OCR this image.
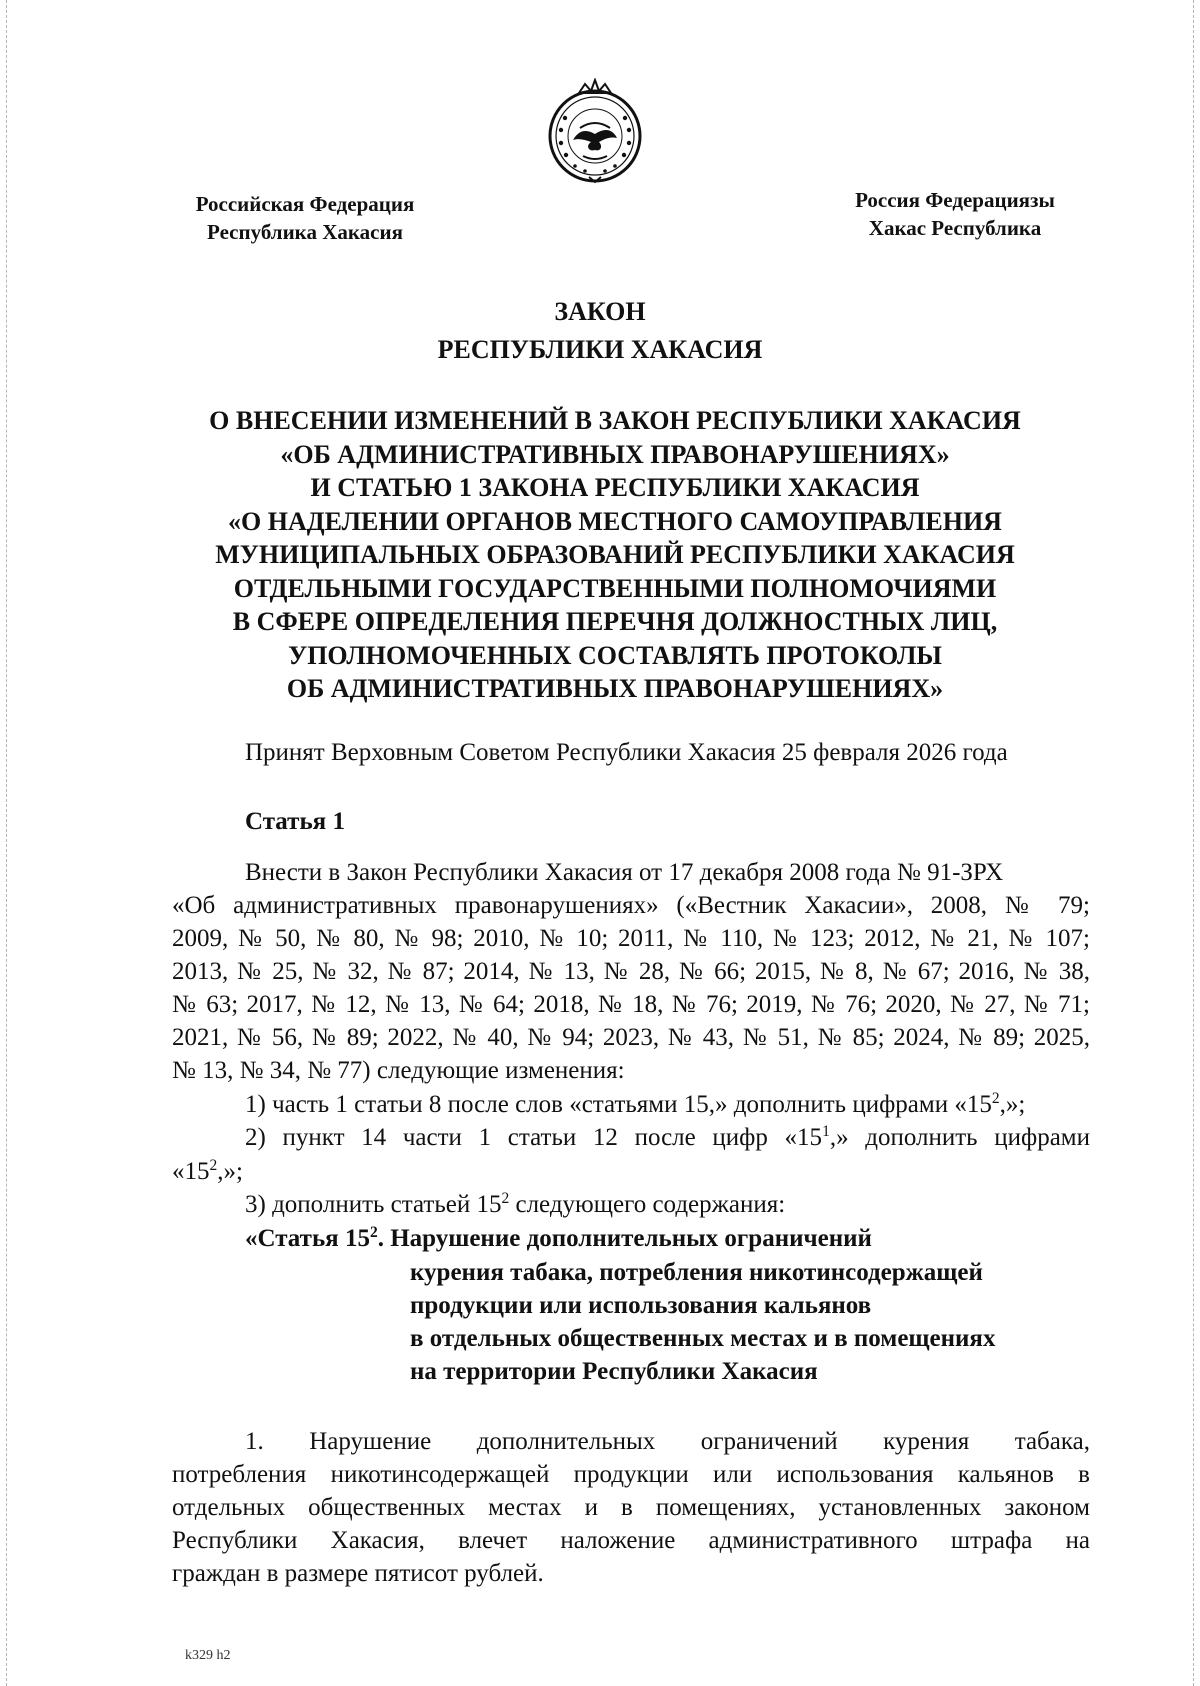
Российская Федерация
Республика Хакасия
Россия Федерациязы
Хакас Республика
ЗАКОН
РЕСПУБЛИКИ ХАКАСИЯ
О ВНЕСЕНИИ ИЗМЕНЕНИЙ В ЗАКОН РЕСПУБЛИКИ ХАКАСИЯ
«ОБ АДМИНИСТРАТИВНЫХ ПРАВОНАРУШЕНИЯХ»
И СТАТЬЮ 1 ЗАКОНА РЕСПУБЛИКИ ХАКАСИЯ
«О НАДЕЛЕНИИ ОРГАНОВ МЕСТНОГО САМОУПРАВЛЕНИЯ
МУНИЦИПАЛЬНЫХ ОБРАЗОВАНИЙ РЕСПУБЛИКИ ХАКАСИЯ
ОТДЕЛЬНЫМИ ГОСУДАРСТВЕННЫМИ ПОЛНОМОЧИЯМИ
В СФЕРЕ ОПРЕДЕЛЕНИЯ ПЕРЕЧНЯ ДОЛЖНОСТНЫХ ЛИЦ,
УПОЛНОМОЧЕННЫХ СОСТАВЛЯТЬ ПРОТОКОЛЫ
ОБ АДМИНИСТРАТИВНЫХ ПРАВОНАРУШЕНИЯХ»
Принят Верховным Советом Республики Хакасия 25 февраля 2026 года
Статья 1
Внести в Закон Республики Хакасия от 17 декабря 2008 года № 91-ЗРХ
«Об административных правонарушениях» («Вестник Хакасии», 2008, № 79;
2009, № 50, № 80, № 98; 2010, № 10; 2011, № 110, № 123; 2012, № 21, № 107;
2013, № 25, № 32, № 87; 2014, № 13, № 28, № 66; 2015, № 8, № 67; 2016, № 38,
№ 63; 2017, № 12, № 13, № 64; 2018, № 18, № 76; 2019, № 76; 2020, № 27, № 71;
2021, № 56, № 89; 2022, № 40, № 94; 2023, № 43, № 51, № 85; 2024, № 89; 2025,
№ 13, № 34, № 77) следующие изменения:
1) часть 1 статьи 8 после слов «статьями 15,» дополнить цифрами «$15^2$,»;
2) пункт 14 части 1 статьи 12 после цифр «$15^1$,» дополнить цифрами
«$15^2$,»;
3) дополнить статьей $15^2$ следующего содержания:
«Статья $15^2$. Нарушение дополнительных ограничений
курения табака, потребления никотинсодержащей
продукции или использования кальянов
в отдельных общественных местах и в помещениях
на территории Республики Хакасия
1. Нарушение дополнительных ограничений курения табака,
потребления никотинсодержащей продукции или использования кальянов в
отдельных общественных местах и в помещениях, установленных законом
Республики Хакасия, влечет наложение административного штрафа на
граждан в размере пятисот рублей.
k329 h2
